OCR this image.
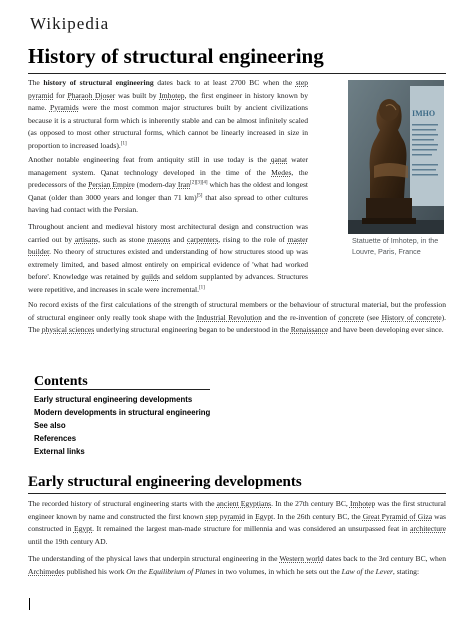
Wikipedia
History of structural engineering

The history of structural engineering dates back to at least 2700 BC when the step pyramid for Pharaoh Djoser was built by Imhotep, the first engineer in history known by name. Pyramids were the most common major structures built by ancient civilizations because it is a structural form which is inherently stable and can be almost infinitely scaled (as opposed to most other structural forms, which cannot be linearly increased in size in proportion to increased loads).[1]

Another notable engineering feat from antiquity still in use today is the qanat water management system. Qanat technology developed in the time of the Medes, the predecessors of the Persian Empire (modern-day Iran[2][3][4] which has the oldest and longest Qanat (older than 3000 years and longer than 71 km)[5] that also spread to other cultures having had contact with the Persian.

Throughout ancient and medieval history most architectural design and construction was carried out by artisans, such as stone masons and carpenters, rising to the role of master builder. No theory of structures existed and understanding of how structures stood up was extremely limited, and based almost entirely on empirical evidence of 'what had worked before'. Knowledge was retained by guilds and seldom supplanted by advances. Structures were repetitive, and increases in scale were incremental.[1]

No record exists of the first calculations of the strength of structural members or the behaviour of structural material, but the profession of structural engineer only really took shape with the Industrial Revolution and the re-invention of concrete (see History of concrete). The physical sciences underlying structural engineering began to be understood in the Renaissance and have been developing ever since.

IMHO
Statuette of Imhotep, in the Louvre, Paris, France
Contents
Early structural engineering developments
Modern developments in structural engineering
See also
References
External links
Early structural engineering developments

The recorded history of structural engineering starts with the ancient Egyptians. In the 27th century BC, Imhotep was the first structural engineer known by name and constructed the first known step pyramid in Egypt. In the 26th century BC, the Great Pyramid of Giza was constructed in Egypt. It remained the largest man-made structure for millennia and was considered an unsurpassed feat in architecture until the 19th century AD.

The understanding of the physical laws that underpin structural engineering in the Western world dates back to the 3rd century BC, when Archimedes published his work On the Equilibrium of Planes in two volumes, in which he sets out the Law of the Lever, stating:
